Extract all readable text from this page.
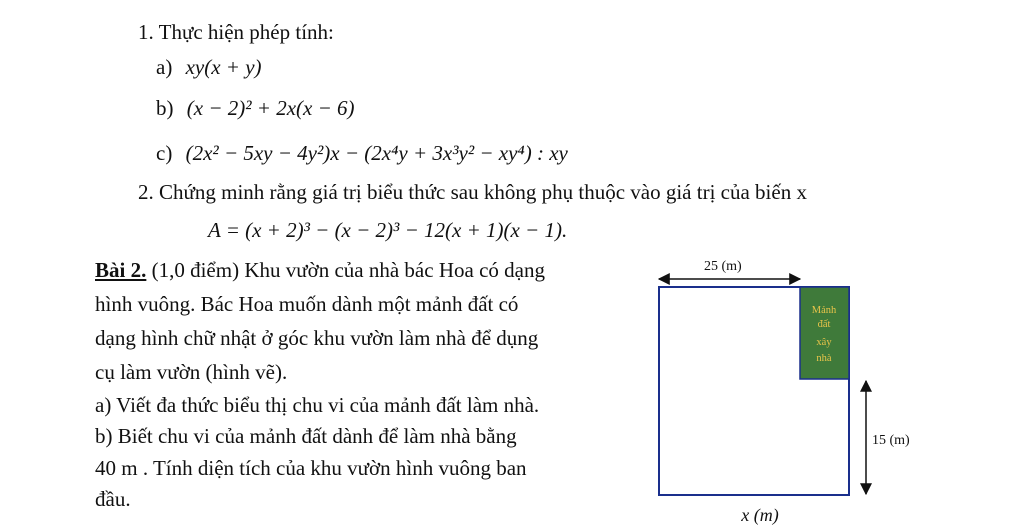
1. Thực hiện phép tính:
a) xy(x + y)
b) (x − 2)² + 2x(x − 6)
c) (2x² − 5xy − 4y²)x − (2x⁴y + 3x³y² − xy⁴) : xy
2. Chứng minh rằng giá trị biểu thức sau không phụ thuộc vào giá trị của biến x
A = (x + 2)³ − (x − 2)³ − 12(x + 1)(x − 1).
Bài 2. (1,0 điểm) Khu vườn của nhà bác Hoa có dạng
hình vuông. Bác Hoa muốn dành một mảnh đất có
dạng hình chữ nhật ở góc khu vườn làm nhà để dụng
cụ làm vườn (hình vẽ).
a) Viết đa thức biểu thị chu vi của mảnh đất làm nhà.
b) Biết chu vi của mảnh đất dành để làm nhà bằng
40 m . Tính diện tích của khu vườn hình vuông ban
đầu.
25 (m)
Mảnh
đất
xây
nhà
15 (m)
x (m)
